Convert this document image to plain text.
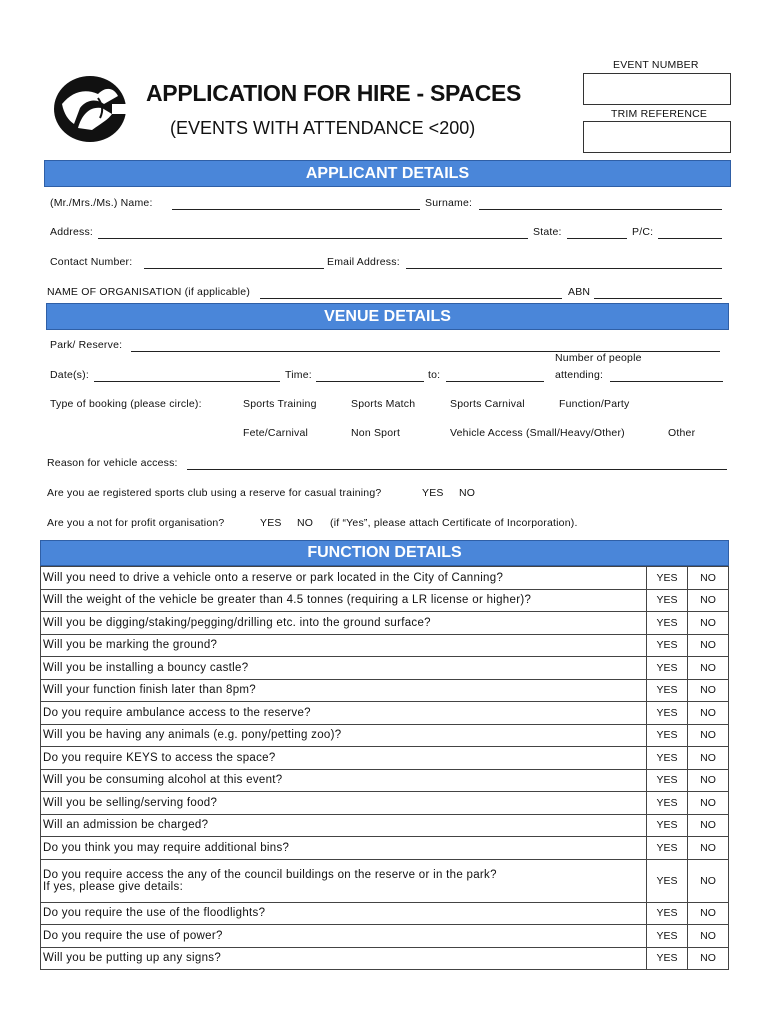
APPLICATION FOR HIRE - SPACES
(EVENTS WITH ATTENDANCE <200)
EVENT NUMBER
TRIM REFERENCE
APPLICANT DETAILS
(Mr./Mrs./Ms.) Name:	Surname:
Address:	State:	P/C:
Contact Number:	Email Address:
NAME OF ORGANISATION (if applicable)	ABN
VENUE DETAILS
Park/ Reserve:
Number of people
Date(s):	Time:	to:	attending:
Type of booking (please circle):	Sports Training	Sports Match	Sports Carnival	Function/Party
Fete/Carnival	Non Sport	Vehicle Access (Small/Heavy/Other)	Other
Reason for vehicle access:
Are you ae registered sports club using a reserve for casual training?	YES NO
Are you a not for profit organisation?	YES NO (if “Yes”, please attach Certificate of Incorporation).
FUNCTION DETAILS
Will you need to drive a vehicle onto a reserve or park located in the City of Canning?	YES	NO
Will the weight of the vehicle be greater than 4.5 tonnes (requiring a LR license or higher)?	YES	NO
Will you be digging/staking/pegging/drilling etc. into the ground surface?	YES	NO
Will you be marking the ground?	YES	NO
Will you be installing a bouncy castle?	YES	NO
Will your function finish later than 8pm?	YES	NO
Do you require ambulance access to the reserve?	YES	NO
Will you be having any animals (e.g. pony/petting zoo)?	YES	NO
Do you require KEYS to access the space?	YES	NO
Will you be consuming alcohol at this event?	YES	NO
Will you be selling/serving food?	YES	NO
Will an admission be charged?	YES	NO
Do you think you may require additional bins?	YES	NO

Do you require access the any of the council buildings on the reserve or in the park?
If yes, please give details:	YES	NO
Do you require the use of the floodlights?	YES	NO
Do you require the use of power?	YES	NO
Will you be putting up any signs?	YES	NO
